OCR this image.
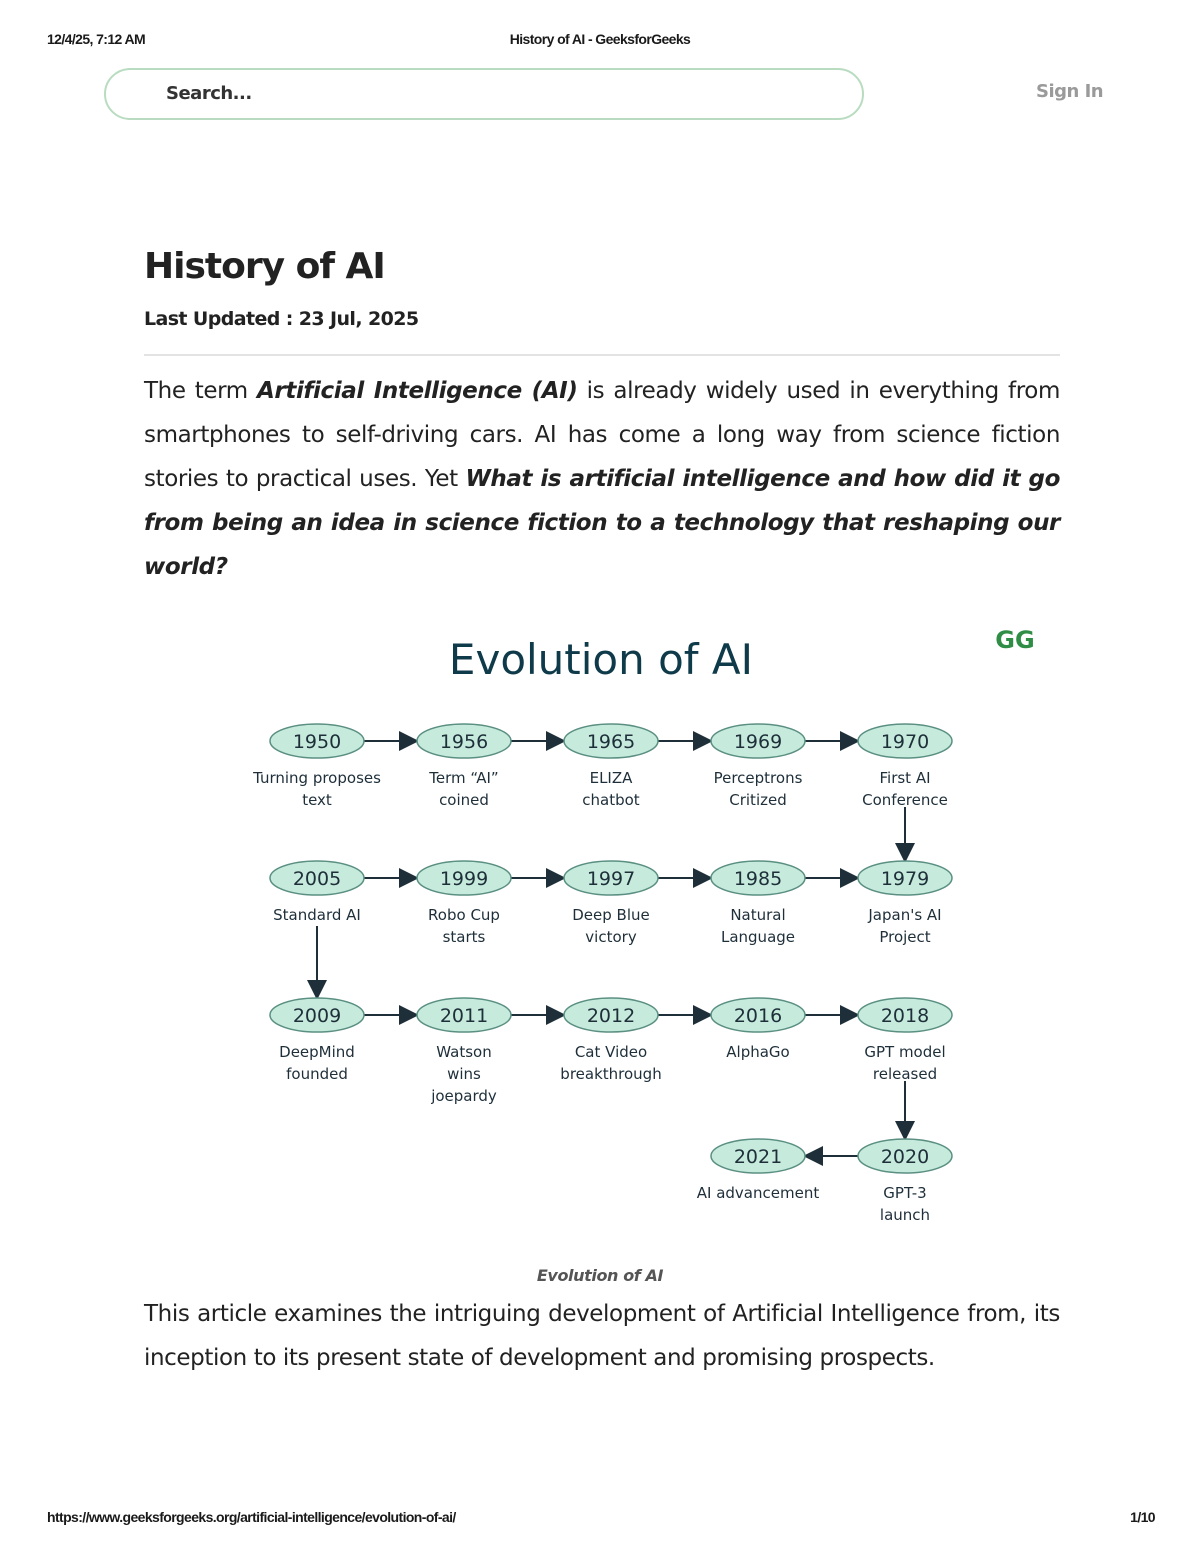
12/4/25, 7:12 AM	History of AI - GeeksforGeeks
Search...	Sign In
History of AI
Last Updated : 23 Jul, 2025
The term Artificial Intelligence (AI) is already widely used in everything from smartphones to self-driving cars. AI has come a long way from science fiction stories to practical uses. Yet What is artificial intelligence and how did it go from being an idea in science fiction to a technology that reshaping our world?
Evolution of AI	GG
1950
Turning proposes
text
1956
Term “AI”
coined
1965
ELIZA
chatbot
1969
Perceptrons
Critized
1970
First AI
Conference
2005
Standard AI
1999
Robo Cup
starts
1997
Deep Blue
victory
1985
Natural
Language
1979
Japan's AI
Project
2009
DeepMind
founded
2011
Watson
wins
joepardy
2012
Cat Video
breakthrough
2016
AlphaGo
2018
GPT model
released
2021
AI advancement
2020
GPT-3
launch
Evolution of AI
This article examines the intriguing development of Artificial Intelligence from, its inception to its present state of development and promising prospects.
https://www.geeksforgeeks.org/artificial-intelligence/evolution-of-ai/	1/10
